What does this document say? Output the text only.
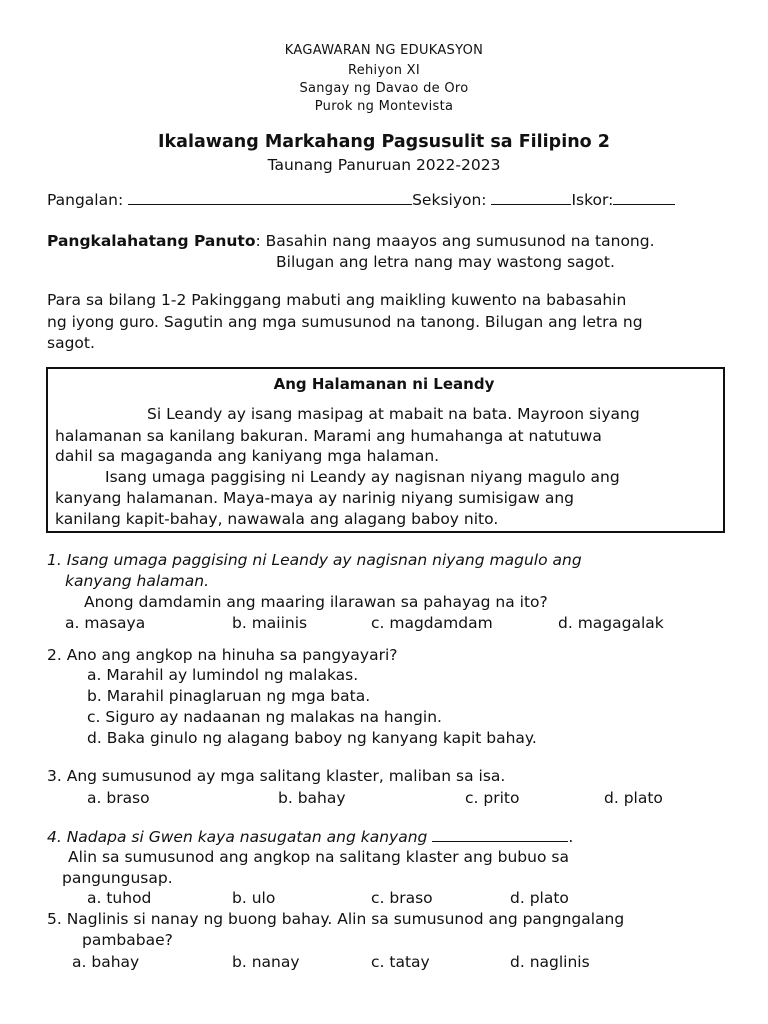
KAGAWARAN NG EDUKASYON
Rehiyon XI
Sangay ng Davao de Oro
Purok ng Montevista
Ikalawang Markahang Pagsusulit sa Filipino 2
Taunang Panuruan 2022-2023
Pangalan:	Seksiyon:	Iskor:
Pangkalahatang Panuto: Basahin nang maayos ang sumusunod na tanong.
Bilugan ang letra nang may wastong sagot.
Para sa bilang 1-2 Pakinggang mabuti ang maikling kuwento na babasahin
ng iyong guro. Sagutin ang mga sumusunod na tanong. Bilugan ang letra ng
sagot.
Ang Halamanan ni Leandy
Si Leandy ay isang masipag at mabait na bata. Mayroon siyang
halamanan sa kanilang bakuran. Marami ang humahanga at natutuwa
dahil sa magaganda ang kaniyang mga halaman.
Isang umaga paggising ni Leandy ay nagisnan niyang magulo ang
kanyang halamanan. Maya-maya ay narinig niyang sumisigaw ang
kanilang kapit-bahay, nawawala ang alagang baboy nito.
1. Isang umaga paggising ni Leandy ay nagisnan niyang magulo ang
kanyang halaman.
Anong damdamin ang maaring ilarawan sa pahayag na ito?
a. masaya	b. maiinis	c. magdamdam	d. magagalak
2. Ano ang angkop na hinuha sa pangyayari?
a. Marahil ay lumindol ng malakas.
b. Marahil pinaglaruan ng mga bata.
c. Siguro ay nadaanan ng malakas na hangin.
d. Baka ginulo ng alagang baboy ng kanyang kapit bahay.
3. Ang sumusunod ay mga salitang klaster, maliban sa isa.
a. braso	b. bahay	c. prito	d. plato
4. Nadapa si Gwen kaya nasugatan ang kanyang	.
Alin sa sumusunod ang angkop na salitang klaster ang bubuo sa
pangungusap.
a. tuhod	b. ulo	c. braso	d. plato
5. Naglinis si nanay ng buong bahay. Alin sa sumusunod ang pangngalang
pambabae?
a. bahay	b. nanay	c. tatay	d. naglinis
